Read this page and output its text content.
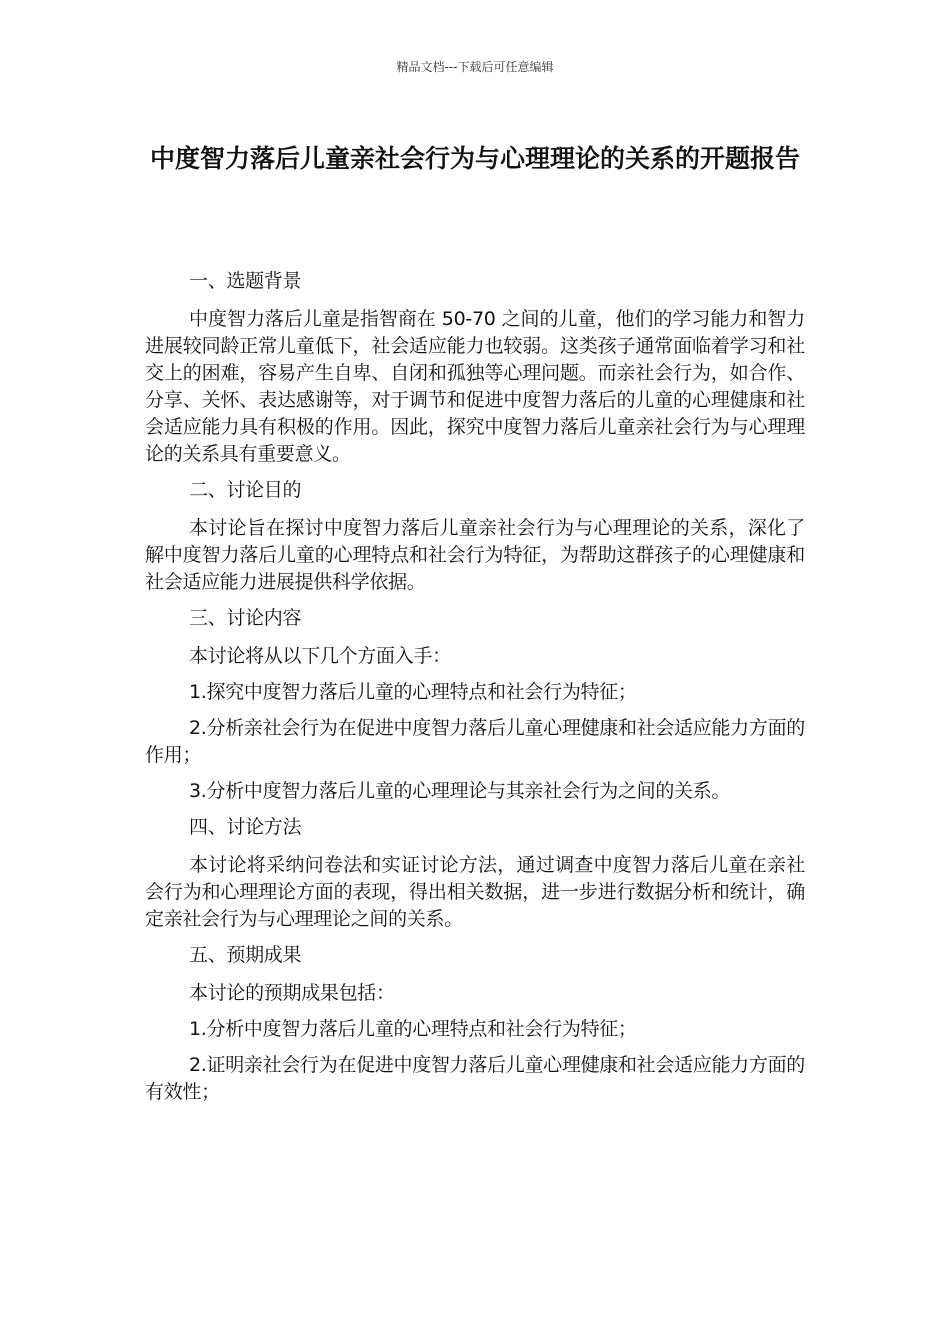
精品文档---下载后可任意编辑
中度智力落后儿童亲社会行为与心理理论的关系的开题报告

一、选题背景

中度智力落后儿童是指智商在 50-70 之间的儿童，他们的学习能力和智力进展较同龄正常儿童低下，社会适应能力也较弱。这类孩子通常面临着学习和社交上的困难，容易产生自卑、自闭和孤独等心理问题。而亲社会行为，如合作、分享、关怀、表达感谢等，对于调节和促进中度智力落后的儿童的心理健康和社会适应能力具有积极的作用。因此，探究中度智力落后儿童亲社会行为与心理理论的关系具有重要意义。

二、讨论目的

本讨论旨在探讨中度智力落后儿童亲社会行为与心理理论的关系，深化了解中度智力落后儿童的心理特点和社会行为特征，为帮助这群孩子的心理健康和社会适应能力进展提供科学依据。

三、讨论内容

本讨论将从以下几个方面入手：

1.探究中度智力落后儿童的心理特点和社会行为特征；

2.分析亲社会行为在促进中度智力落后儿童心理健康和社会适应能力方面的作用；

3.分析中度智力落后儿童的心理理论与其亲社会行为之间的关系。

四、讨论方法

本讨论将采纳问卷法和实证讨论方法，通过调查中度智力落后儿童在亲社会行为和心理理论方面的表现，得出相关数据，进一步进行数据分析和统计，确定亲社会行为与心理理论之间的关系。

五、预期成果

本讨论的预期成果包括：

1.分析中度智力落后儿童的心理特点和社会行为特征；

2.证明亲社会行为在促进中度智力落后儿童心理健康和社会适应能力方面的有效性；
